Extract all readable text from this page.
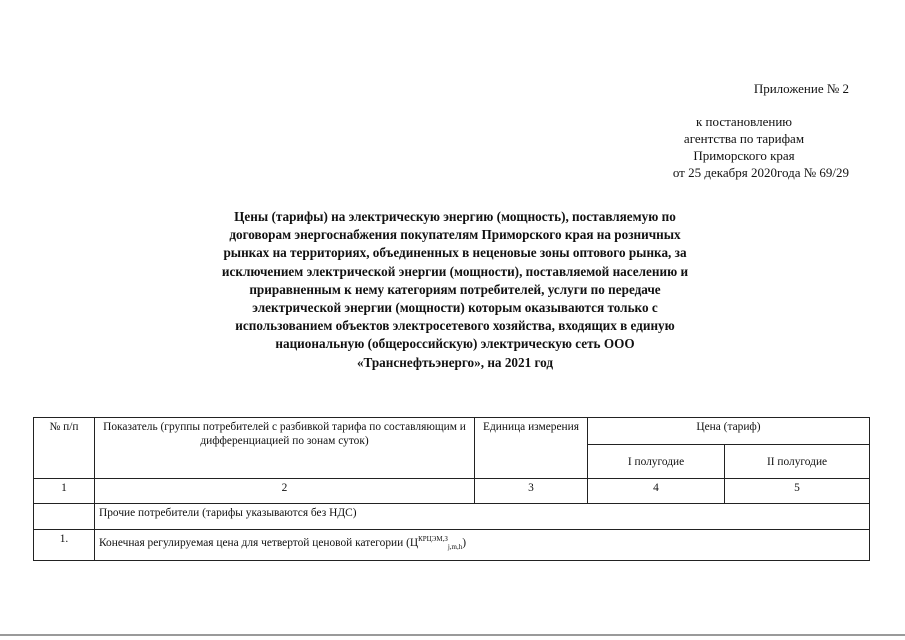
Приложение № 2
к постановлению
агентства по тарифам
Приморского края
от 25 декабря 2020года № 69/29
Цены (тарифы) на электрическую энергию (мощность), поставляемую по договорам энергоснабжения покупателям Приморского края на розничных рынках на территориях, объединенных в неценовые зоны оптового рынка, за исключением электрической энергии (мощности), поставляемой населению и приравненным к нему категориям потребителей, услуги по передаче электрической энергии (мощности) которым оказываются только с использованием объектов электросетевого хозяйства, входящих в единую национальную (общероссийскую) электрическую сеть ООО «Транснефтьэнерго», на 2021 год
№ п/п	Показатель (группы потребителей с разбивкой тарифа по составляющим и дифференциацией по зонам суток)	Единица измерения	Цена (тариф)	
			I полугодие	II полугодие
1	2	3	4	5
	Прочие потребители (тарифы указываются без НДС)			
1.	Конечная регулируемая цена для четвертой ценовой категории $(Ц^{КРЦЭМ,З}_{j,m,h})$			
